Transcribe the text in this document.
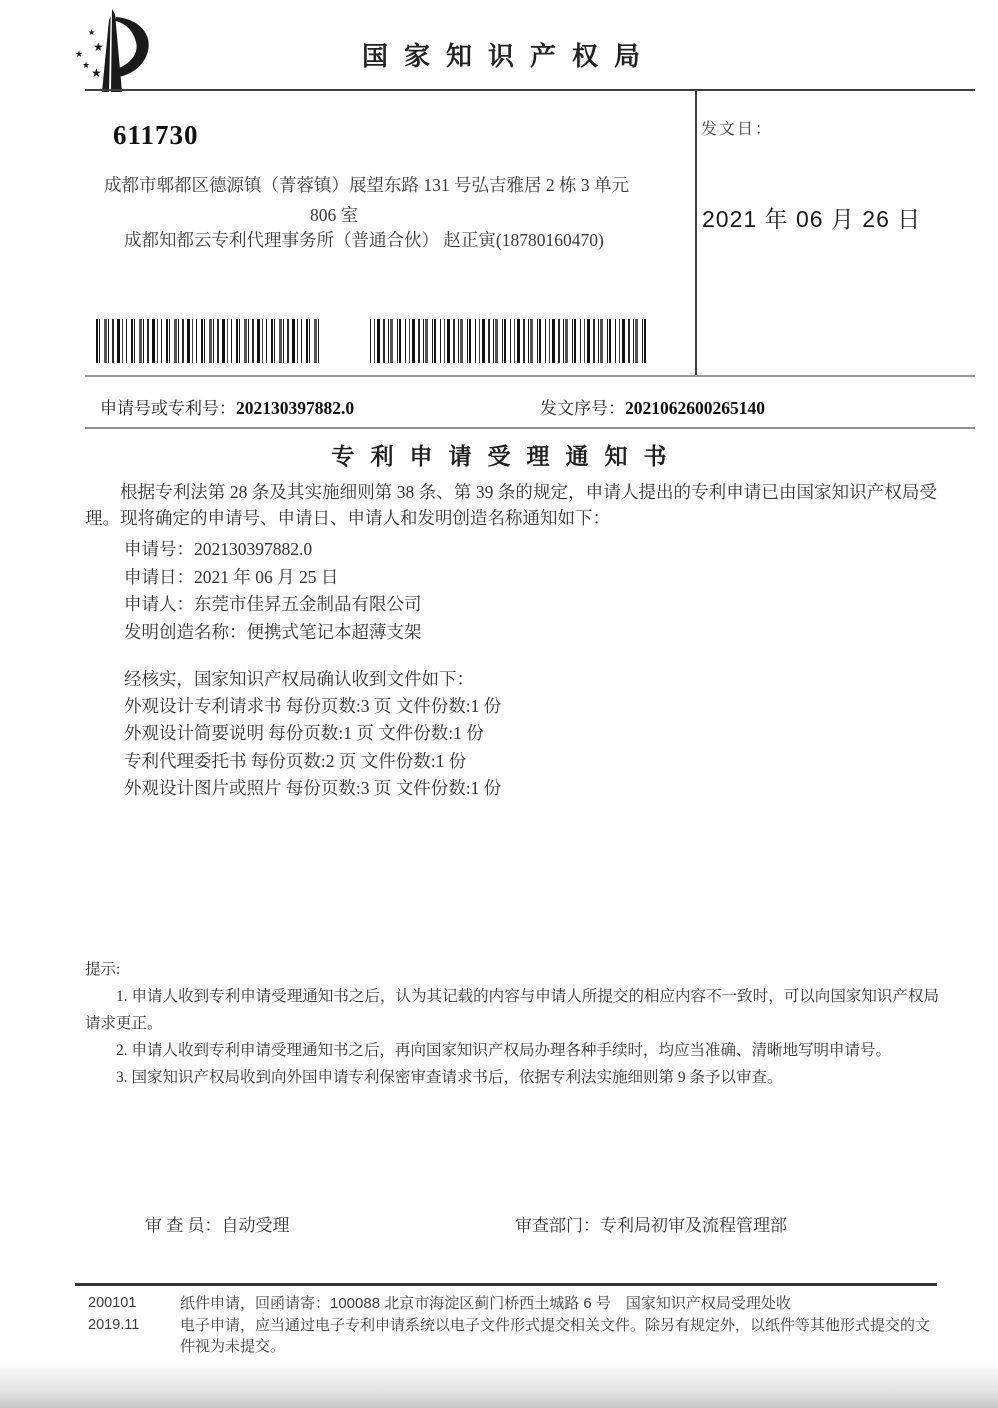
★
★
★
★
★
国家知识产权局
发文日：
2021 年 06 月 26 日
611730
成都市郫都区德源镇（菁蓉镇）展望东路 131 号弘吉雅居 2 栋 3 单元
806 室
成都知都云专利代理事务所（普通合伙） 赵正寅(18780160470)
申请号或专利号：202130397882.0	发文序号：2021062600265140
专利申请受理通知书
根据专利法第 28 条及其实施细则第 38 条、第 39 条的规定，申请人提出的专利申请已由国家知识产权局受理。现将确定的申请号、申请日、申请人和发明创造名称通知如下：
申请号：202130397882.0
申请日：2021 年 06 月 25 日
申请人：东莞市佳昇五金制品有限公司
发明创造名称：便携式笔记本超薄支架
经核实，国家知识产权局确认收到文件如下：
外观设计专利请求书 每份页数:3 页 文件份数:1 份
外观设计简要说明 每份页数:1 页 文件份数:1 份
专利代理委托书 每份页数:2 页 文件份数:1 份
外观设计图片或照片 每份页数:3 页 文件份数:1 份

提示:

1. 申请人收到专利申请受理通知书之后，认为其记载的内容与申请人所提交的相应内容不一致时，可以向国家知识产权局请求更正。

2. 申请人收到专利申请受理通知书之后，再向国家知识产权局办理各种手续时，均应当准确、清晰地写明申请号。

3. 国家知识产权局收到向外国申请专利保密审查请求书后，依据专利法实施细则第 9 条予以审查。

审 查 员：自动受理	审查部门：专利局初审及流程管理部
200101
2019.11
纸件申请，回函请寄：100088 北京市海淀区蓟门桥西土城路 6 号　国家知识产权局受理处收
电子申请，应当通过电子专利申请系统以电子文件形式提交相关文件。除另有规定外，以纸件等其他形式提交的文件视为未提交。
